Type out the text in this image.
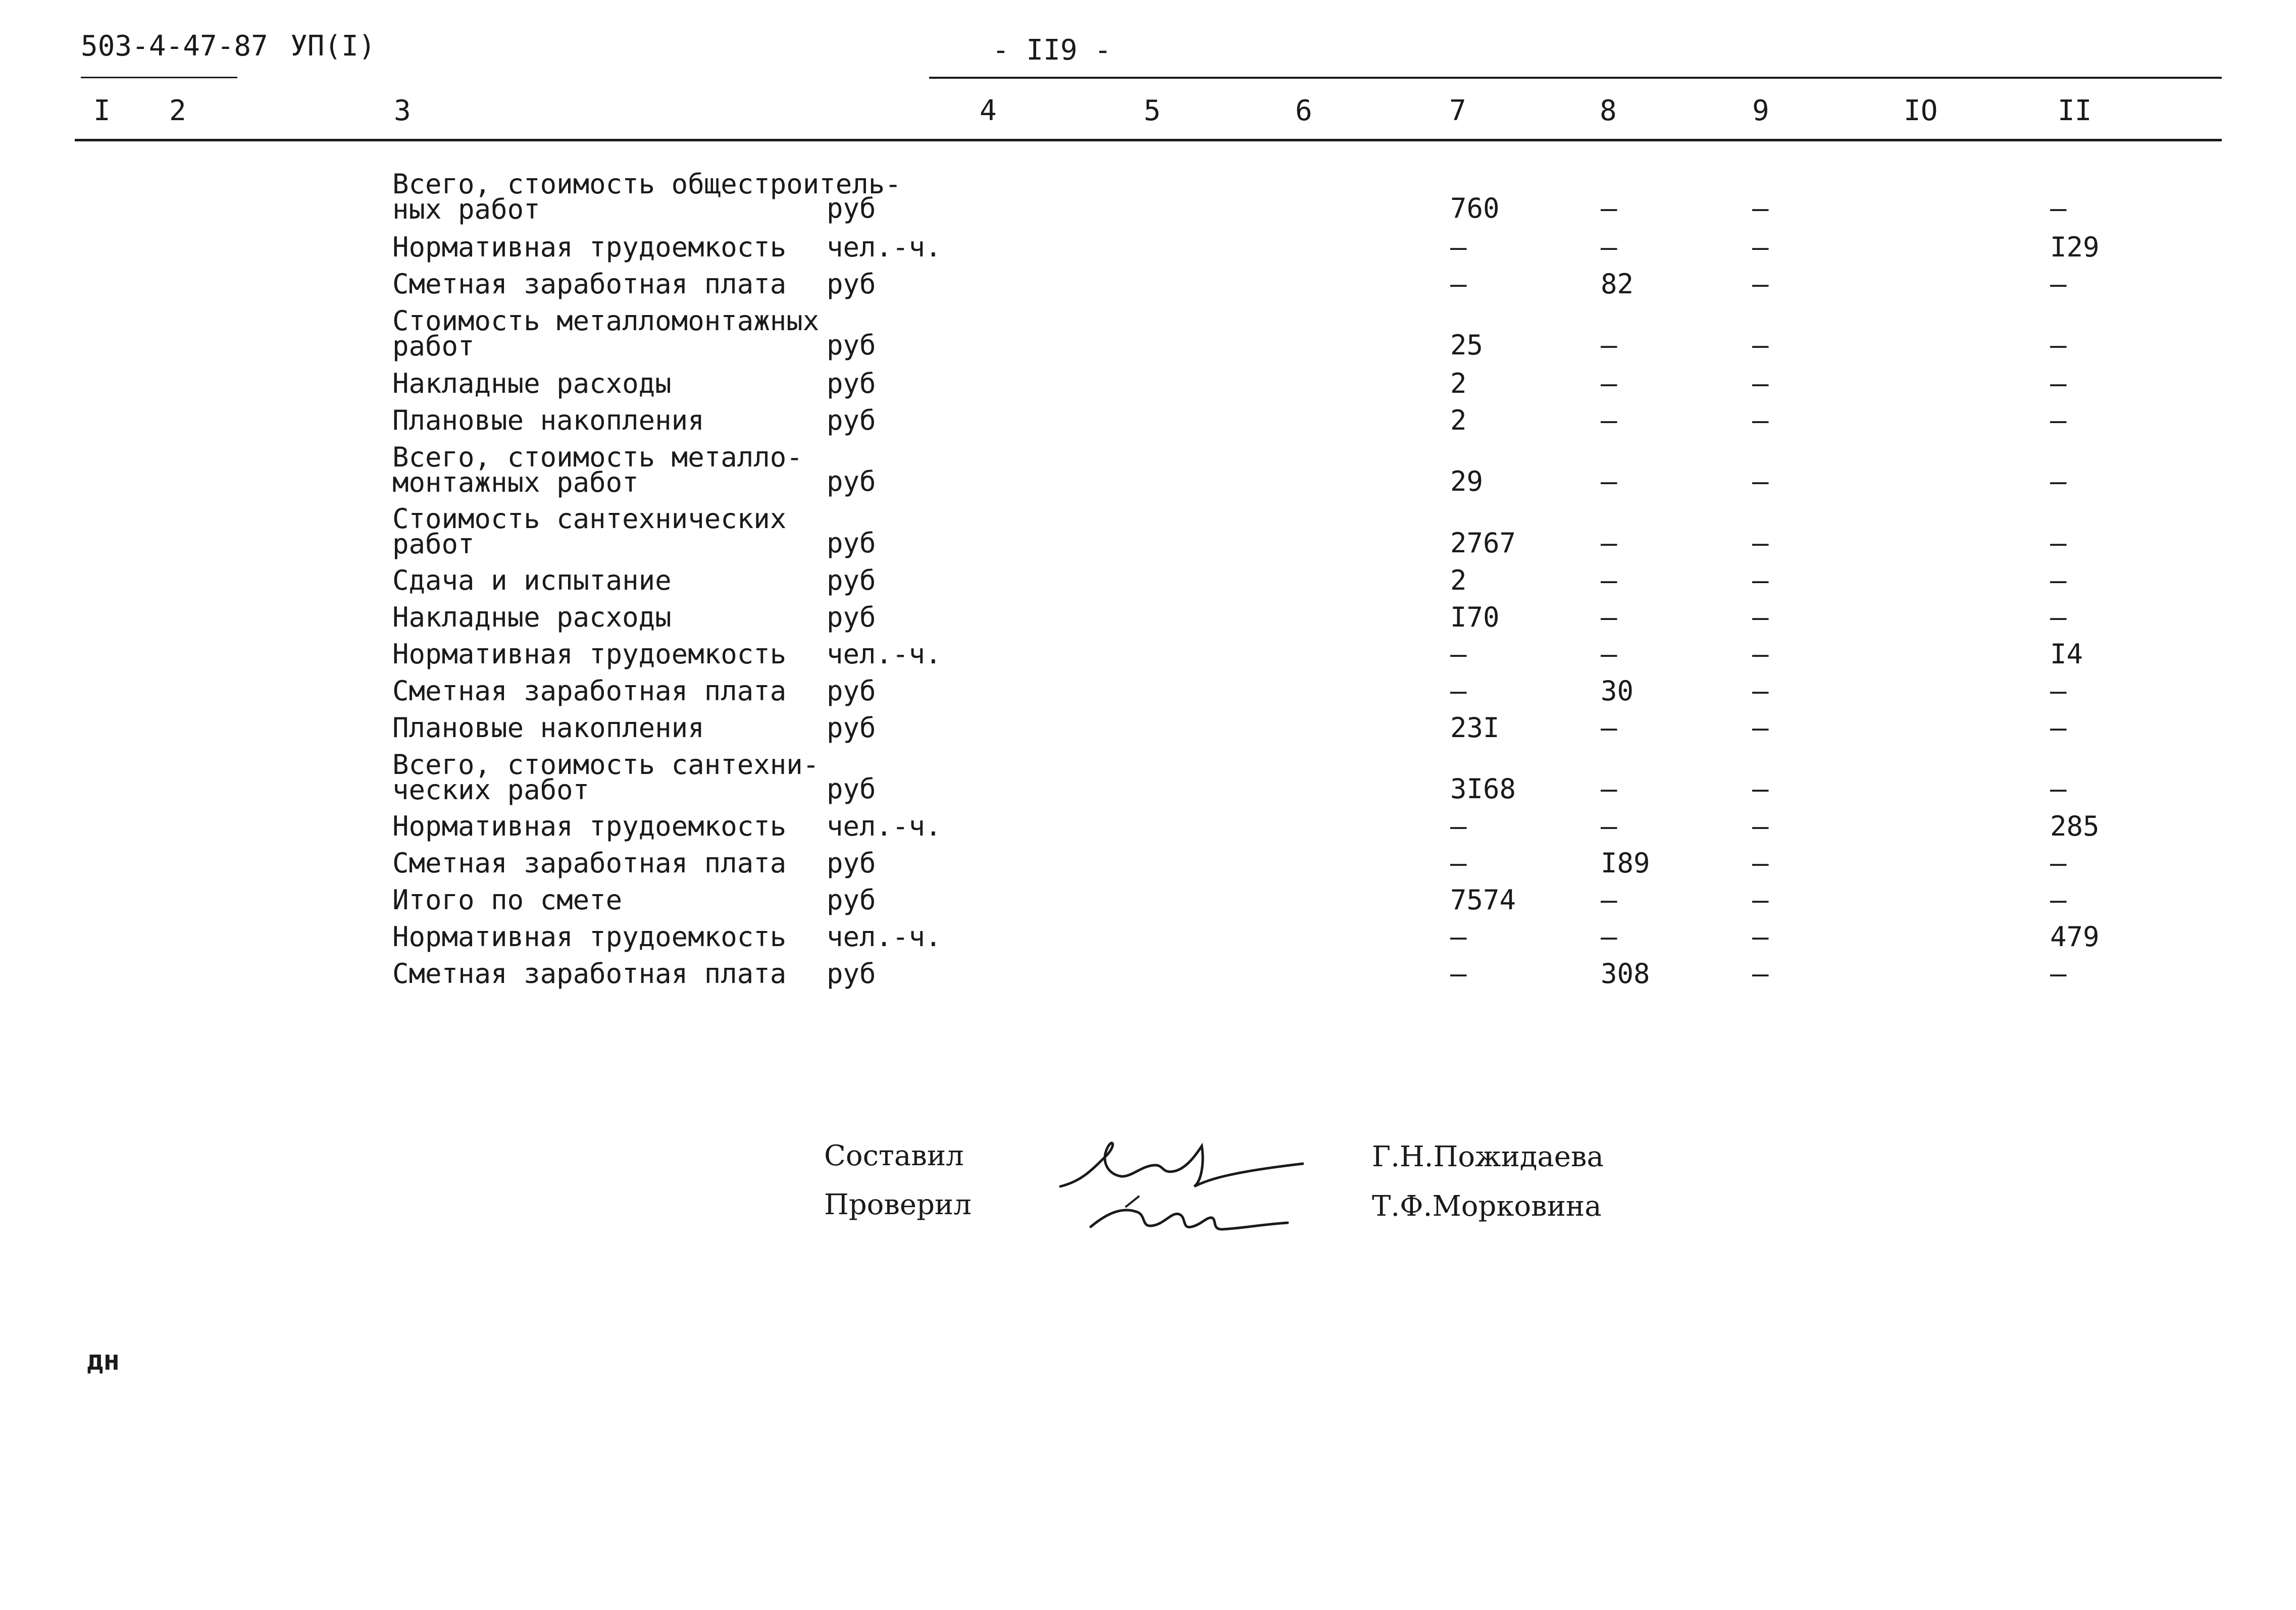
503-4-47-87 УП(I)	- II9 -
I 2	3	4	5	6	7	8	9	IO	II
Всего, стоимость общестроитель-
ных работ	руб	760	–	–	–
Нормативная трудоемкость чел.-ч.	–	–	–	I29
Сметная заработная плата руб	–	82	–	–
Стоимость металломонтажных
работ	руб	25	–	–	–
Накладные расходы	руб	2	–	–	–
Плановые накопления	руб	2	–	–	–
Всего, стоимость металло-
монтажных работ	руб	29	–	–	–
Стоимость сантехнических
работ	руб	2767	–	–	–
Сдача и испытание	руб	2	–	–	–
Накладные расходы	руб	I70	–	–	–
Нормативная трудоемкость чел.-ч.	–	–	–	I4
Сметная заработная плата руб	–	30	–	–
Плановые накопления	руб	23I	–	–	–
Всего, стоимость сантехни-
ческих работ	руб	3I68	–	–	–
Нормативная трудоемкость чел.-ч.	–	–	–	285
Сметная заработная плата руб	–	I89	–	–
Итого по смете	руб	7574	–	–	–
Нормативная трудоемкость чел.-ч.	–	–	–	479
Сметная заработная плата руб	–	308	–	–
Составил
Проверил
Г.Н.Пожидаева
Т.Ф.Морковина
дн
